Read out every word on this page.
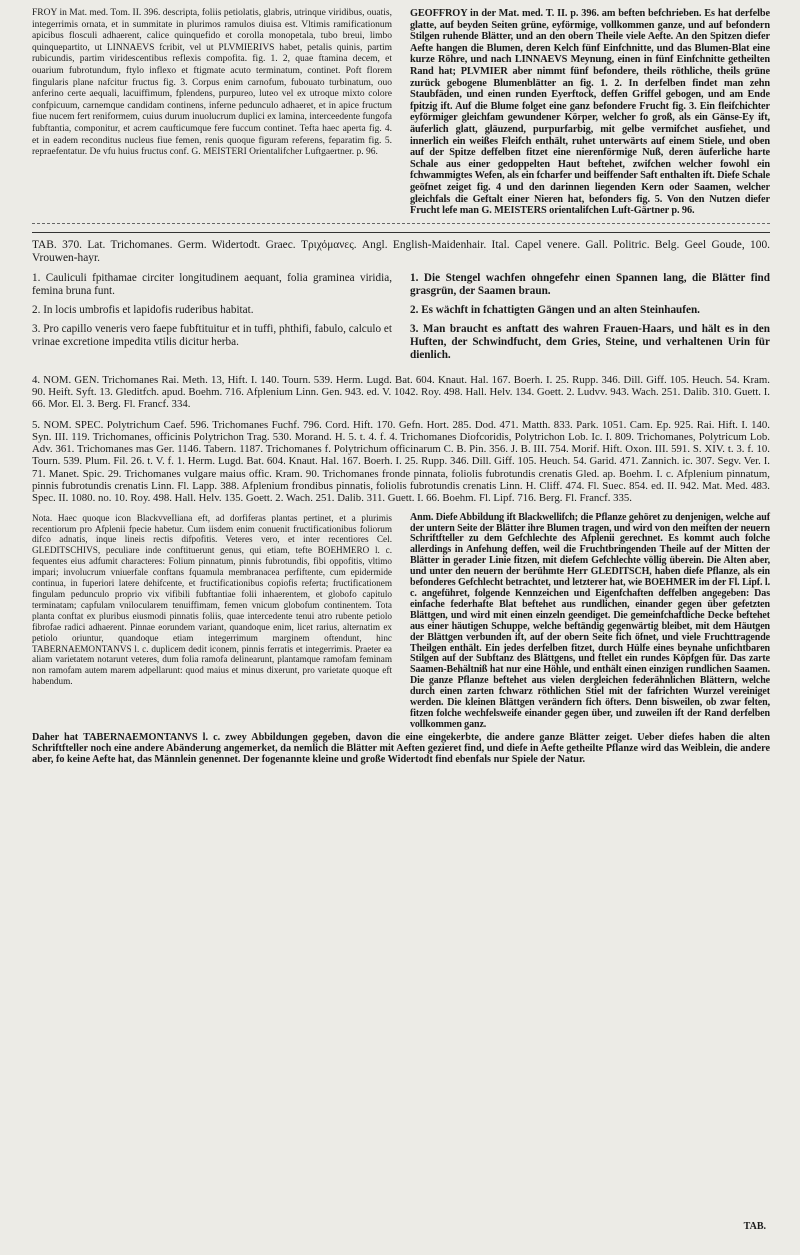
FROY in Mat. med. Tom. II. 396. descripta, foliis petiolatis, glabris, utrinque viridibus, ouatis, integerrimis ornata, et in summitate in plurimos ramulos diuisa est. Vltimis ramificationum apicibus flosculi adhaerent, calice quinquefido et corolla monopetala, tubo breui, limbo quinquepartito, ut LINNAEVS fcribit, vel ut PLVMIERIVS habet, petalis quinis, partim rubicundis, partim viridescentibus reflexis compofita. fig. 1. 2, quae ftamina decem, et ouarium fubrotundum, ftylo inflexo et ftigmate acuto terminatum, continet. Poft florem fingularis plane nafcitur fructus fig. 3. Corpus enim carnofum, fubouato turbinatum, ouo anferino certe aequali, lacuiffimum, fplendens, purpureo, luteo vel ex utroque mixto colore confpicuum, carnemque candidam continens, inferne pedunculo adhaeret, et in apice fructum fiue nucem fert reniformem, cuius durum inuolucrum duplici ex lamina, interceedente fungofa fubftantia, componitur, et acrem caufticumque fere fuccum continet. Tefta haec aperta fig. 4. et in eadem reconditus nucleus fiue femen, renis quoque figuram referens, feparatim fig. 5. repraefentatur. De vfu huius fructus conf. G. MEISTERI Orientalifcher Luftgaertner. p. 96.
GEOFFROY in der Mat. med. T. II. p. 396. am beften befchrieben. Es hat derfelbe glatte, auf beyden Seiten grüne, eyförmige, vollkommen ganze, und auf befondern Stilgen ruhende Blätter, und an den obern Theile viele Aefte. An den Spitzen diefer Aefte hangen die Blumen, deren Kelch fünf Einfchnitte, und das Blumen-Blat eine kurze Röhre, und nach LINNAEVS Meynung, einen in fünf Einfchnitte getheilten Rand hat; PLVMIER aber nimmt fünf befondere, theils röthliche, theils grüne zurück gebogene Blumenblätter an fig. 1. 2. In derfelben findet man zehn Staubfäden, und einen runden Eyerftock, deffen Griffel gebogen, und am Ende fpitzig ift. Auf die Blume folget eine ganz befondere Frucht fig. 3. Ein fleifchichter eyförmiger gleichfam gewundener Körper, welcher fo groß, als ein Gänse-Ey ift, äuferlich glatt, gläuzend, purpurfarbig, mit gelbe vermifchet ausfiehet, und innerlich ein weißes Fleifch enthält, ruhet unterwärts auf einem Stiele, und oben auf der Spitze deffelben fitzet eine nierenförmige Nuß, deren äuferliche harte Schale aus einer gedoppelten Haut beftehet, zwifchen welcher fowohl ein fchwammigtes Wefen, als ein fcharfer und beiffender Saft enthalten ift. Diefe Schale geöfnet zeiget fig. 4 und den darinnen liegenden Kern oder Saamen, welcher gleichfals die Geftalt einer Nieren hat, befonders fig. 5. Von den Nutzen diefer Frucht lefe man G. MEISTERS orientalifchen Luft-Gärtner p. 96.
TAB. 370. Lat. Trichomanes. Germ. Widertodt. Graec. Τριχόμανες. Angl. English-Maidenhair. Ital. Capel venere. Gall. Politric. Belg. Geel Goude, 100. Vrouwen-hayr.
1. Cauliculi fpithamae circiter longitudinem aequant, folia graminea viridia, femina bruna funt.
1. Die Stengel wachfen ohngefehr einen Spannen lang, die Blätter find grasgrün, der Saamen braun.
2. In locis umbrofis et lapidofis ruderibus habitat.	2. Es wächft in fchattigten Gängen und an alten Steinhaufen.
3. Pro capillo veneris vero faepe fubftituitur et in tuffi, phthifi, fabulo, calculo et vrinae excretione impedita vtilis dicitur herba.
3. Man braucht es anftatt des wahren Frauen-Haars, und hält es in den Huften, der Schwindfucht, dem Gries, Steine, und verhaltenen Urin für dienlich.
4. NOM. GEN. Trichomanes Rai. Meth. 13, Hift. I. 140. Tourn. 539. Herm. Lugd. Bat. 604. Knaut. Hal. 167. Boerh. I. 25. Rupp. 346. Dill. Giff. 105. Heuch. 54. Kram. 90. Heift. Syft. 13. Gleditfch. apud. Boehm. 716. Afplenium Linn. Gen. 943. ed. V. 1042. Roy. 498. Hall. Helv. 134. Goett. 2. Ludvv. 943. Wach. 251. Dalib. 310. Guett. I. 66. Mor. El. 3. Berg. Fl. Francf. 334.
5. NOM. SPEC. Polytrichum Caef. 596. Trichomanes Fuchf. 796. Cord. Hift. 170. Gefn. Hort. 285. Dod. 471. Matth. 833. Park. 1051. Cam. Ep. 925. Rai. Hift. I. 140. Syn. III. 119. Trichomanes, officinis Polytrichon Trag. 530. Morand. H. 5. t. 4. f. 4. Trichomanes Diofcoridis, Polytrichon Lob. Ic. I. 809. Trichomanes, Polytricum Lob. Adv. 361. Trichomanes mas Ger. 1146. Tabern. 1187. Trichomanes f. Polytrichum officinarum C. B. Pin. 356. J. B. III. 754. Morif. Hift. Oxon. III. 591. S. XIV. t. 3. f. 10. Tourn. 539. Plum. Fil. 26. t. V. f. 1. Herm. Lugd. Bat. 604. Knaut. Hal. 167. Boerh. I. 25. Rupp. 346. Dill. Giff. 105. Heuch. 54. Garid. 471. Zannich. ic. 307. Segv. Ver. I. 71. Manet. Spic. 29. Trichomanes vulgare maius offic. Kram. 90. Trichomanes fronde pinnata, foliolis fubrotundis crenatis Gled. ap. Boehm. I. c. Afplenium pinnatum, pinnis fubrotundis crenatis Linn. Fl. Lapp. 388. Afplenium frondibus pinnatis, foliolis fubrotundis crenatis Linn. H. Cliff. 474. Fl. Suec. 854. ed. II. 942. Mat. Med. 483. Spec. II. 1080. no. 10. Roy. 498. Hall. Helv. 135. Goett. 2. Wach. 251. Dalib. 311. Guett. I. 66. Boehm. Fl. Lipf. 716. Berg. Fl. Francf. 335.
Nota. Haec quoque icon BlackvveIliana eft, ad dorfiferas plantas pertinet, et a plurimis recentiorum pro Afplenii fpecie habetur. Cum iisdem enim conuenit fructificationibus foliorum difco adnatis, inque lineis rectis difpofitis. Veteres vero, et inter recentiores Cel. GLEDITSCHIVS, peculiare inde conftituerunt genus, qui etiam, tefte BOEHMERO l. c. fequentes eius adfumit characteres: Folium pinnatum, pinnis fubrotundis, fibi oppofitis, vltimo impari; involucrum vniuerfale conftans fquamula membranacea perfiftente, cum epidermide continua, in fuperiori latere dehifcente, et fructificationibus copiofis referta; fructificationem fingulam pedunculo proprio vix vifibili fubftantiae folii inhaerentem, et globofo capitulo terminatam; capfulam vnilocularem tenuiffimam, femen vnicum globofum continentem. Tota planta conftat ex pluribus eiusmodi pinnatis foliis, quae intercedente tenui atro rubente petiolo fibrofae radici adhaerent. Pinnae eorundem variant, quandoque enim, licet rarius, alternatim ex petiolo oriuntur, quandoque etiam integerrimum marginem oftendunt, hinc TABERNAEMONTANVS l. c. duplicem dedit iconem, pinnis ferratis et integerrimis. Praeter ea aliam varietatem notarunt veteres, dum folia ramofa delinearunt, plantamque ramofam feminam non ramofam autem marem adpellarunt: quod maius et minus dixerunt, pro varietate quoque eft habendum.
Anm. Diefe Abbildung ift Blackwellifch; die Pflanze gehöret zu denjenigen, welche auf der untern Seite der Blätter ihre Blumen tragen, und wird von den meiften der neuern Schriftfteller zu dem Gefchlechte des Afplenii gerechnet. Es kommt auch folche allerdings in Anfehung deffen, weil die Fruchtbringenden Theile auf der Mitten der Blätter in gerader Linie fitzen, mit diefem Gefchlechte völlig überein. Die Alten aber, und unter den neuern der berühmte Herr GLEDITSCH, haben diefe Pflanze, als ein befonderes Gefchlecht betrachtet, und letzterer hat, wie BOEHMER im der Fl. Lipf. l. c. angeführet, folgende Kennzeichen und Eigenfchaften deffelben angegeben: Das einfache federhafte Blat beftehet aus rundlichen, einander gegen über gefetzten Blättgen, und wird mit einen einzeln geendiget. Die gemeinfchaftliche Decke beftehet aus einer häutigen Schuppe, welche beftändig gegenwärtig bleibet, mit dem Häutgen der Blättgen verbunden ift, auf der obern Seite fich öfnet, und viele Fruchttragende Theilgen enthält. Ein jedes derfelben fitzet, durch Hülfe eines beynahe unfichtbaren Stilgen auf der Subftanz des Blättgens, und ftellet ein rundes Köpfgen für. Das zarte Saamen-Behältniß hat nur eine Höhle, und enthält einen einzigen rundlichen Saamen. Die ganze Pflanze beftehet aus vielen dergleichen federähnlichen Blättern, welche durch einen zarten fchwarz röthlichen Stiel mit der fafrichten Wurzel vereiniget werden. Die kleinen Blättgen verändern fich öfters. Denn bisweilen, ob zwar felten, fitzen folche wechfelsweife einander gegen über, und zuweilen ift der Rand derfelben vollkommen ganz.
Daher hat TABERNAEMONTANVS l. c. zwey Abbildungen gegeben, davon die eine eingekerbte, die andere ganze Blätter zeiget. Ueber diefes haben die alten Schriftfteller noch eine andere Abänderung angemerket, da nemlich die Blätter mit Aeften gezieret find, und diefe in Aefte getheilte Pflanze wird das Weiblein, die andere aber, fo keine Aefte hat, das Männlein genennet. Der fogenannte kleine und große Widertodt find ebenfals nur Spiele der Natur.
TAB.
